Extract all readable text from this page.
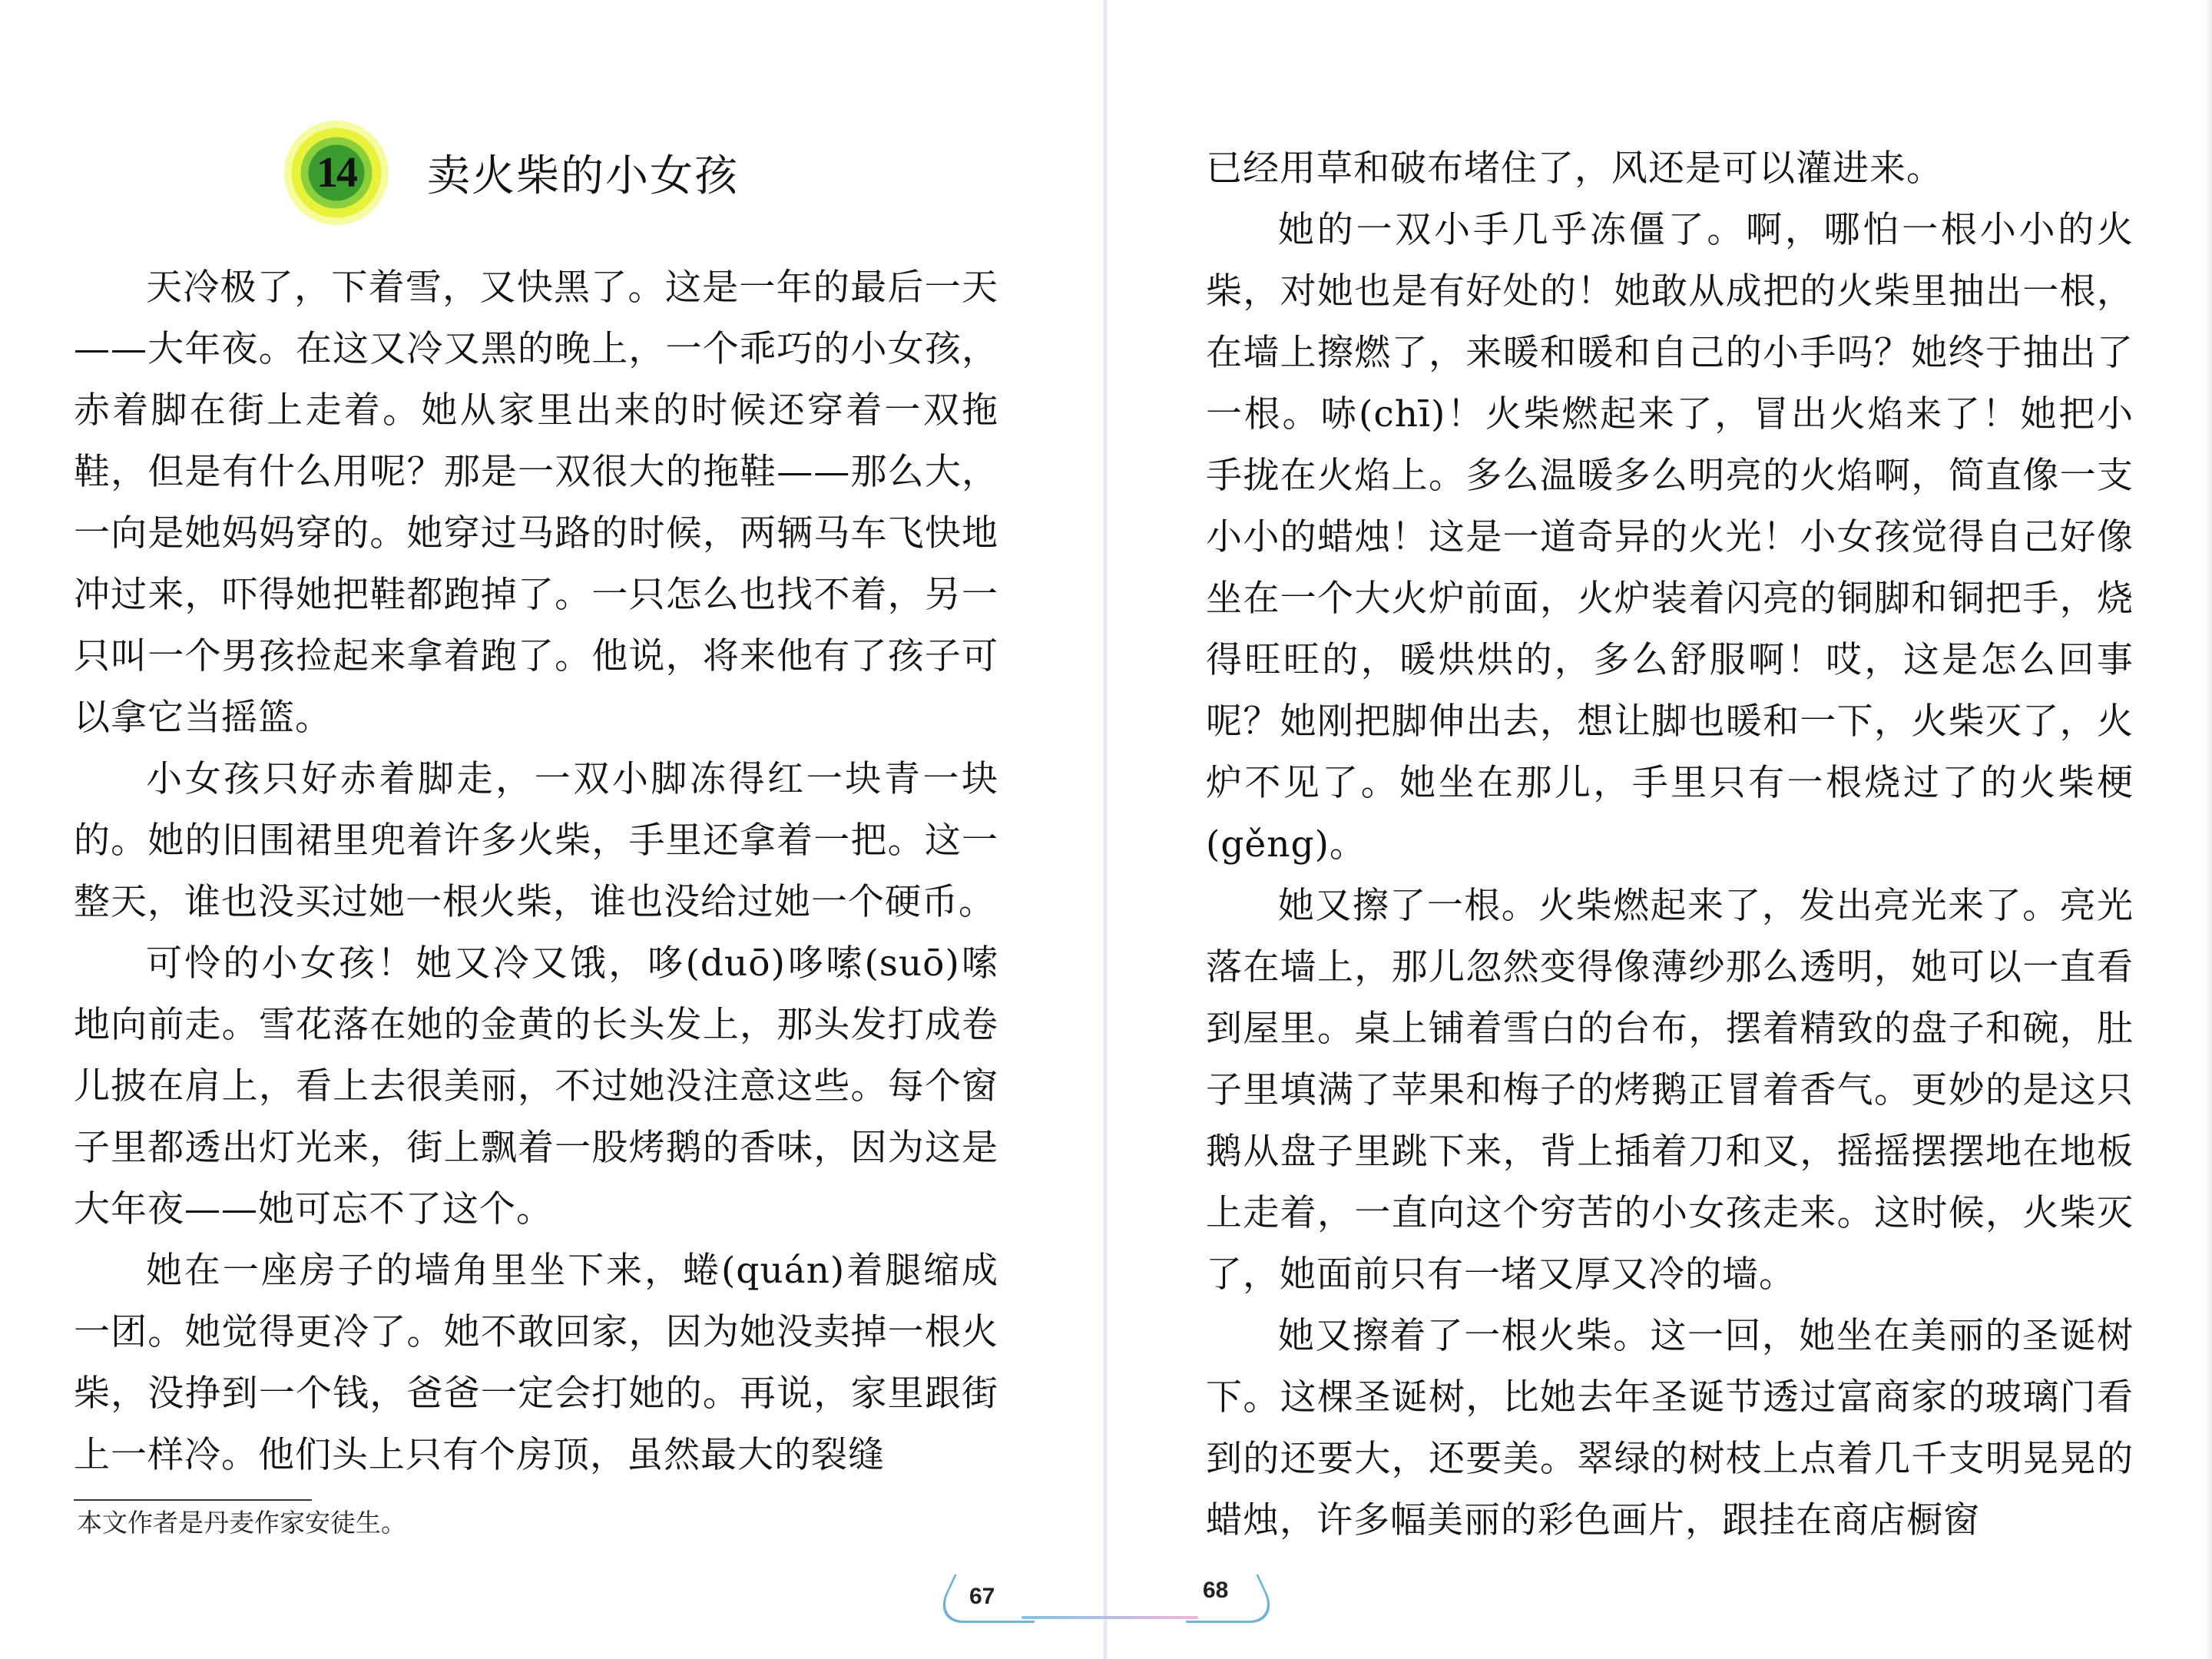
14 卖火柴的小女孩

天冷极了，下着雪，又快黑了。这是一年的最后一天——大年夜。在这又冷又黑的晚上，一个乖巧的小女孩，赤着脚在街上走着。她从家里出来的时候还穿着一双拖鞋，但是有什么用呢？那是一双很大的拖鞋——那么大，一向是她妈妈穿的。她穿过马路的时候，两辆马车飞快地冲过来，吓得她把鞋都跑掉了。一只怎么也找不着，另一只叫一个男孩捡起来拿着跑了。他说，将来他有了孩子可以拿它当摇篮。

小女孩只好赤着脚走，一双小脚冻得红一块青一块的。她的旧围裙里兜着许多火柴，手里还拿着一把。这一整天，谁也没买过她一根火柴，谁也没给过她一个硬币。

可怜的小女孩！她又冷又饿，哆(duō)哆嗦(suō)嗦地向前走。雪花落在她的金黄的长头发上，那头发打成卷儿披在肩上，看上去很美丽，不过她没注意这些。每个窗子里都透出灯光来，街上飘着一股烤鹅的香味，因为这是大年夜——她可忘不了这个。

她在一座房子的墙角里坐下来，蜷(quán)着腿缩成一团。她觉得更冷了。她不敢回家，因为她没卖掉一根火柴，没挣到一个钱，爸爸一定会打她的。再说，家里跟街上一样冷。他们头上只有个房顶，虽然最大的裂缝

本文作者是丹麦作家安徒生。
67

已经用草和破布堵住了，风还是可以灌进来。

她的一双小手几乎冻僵了。啊，哪怕一根小小的火柴，对她也是有好处的！她敢从成把的火柴里抽出一根，在墙上擦燃了，来暖和暖和自己的小手吗？她终于抽出了一根。哧(chī)！火柴燃起来了，冒出火焰来了！她把小手拢在火焰上。多么温暖多么明亮的火焰啊，简直像一支小小的蜡烛！这是一道奇异的火光！小女孩觉得自己好像坐在一个大火炉前面，火炉装着闪亮的铜脚和铜把手，烧得旺旺的，暖烘烘的，多么舒服啊！哎，这是怎么回事呢？她刚把脚伸出去，想让脚也暖和一下，火柴灭了，火炉不见了。她坐在那儿，手里只有一根烧过了的火柴梗(gěng)。

她又擦了一根。火柴燃起来了，发出亮光来了。亮光落在墙上，那儿忽然变得像薄纱那么透明，她可以一直看到屋里。桌上铺着雪白的台布，摆着精致的盘子和碗，肚子里填满了苹果和梅子的烤鹅正冒着香气。更妙的是这只鹅从盘子里跳下来，背上插着刀和叉，摇摇摆摆地在地板上走着，一直向这个穷苦的小女孩走来。这时候，火柴灭了，她面前只有一堵又厚又冷的墙。

她又擦着了一根火柴。这一回，她坐在美丽的圣诞树下。这棵圣诞树，比她去年圣诞节透过富商家的玻璃门看到的还要大，还要美。翠绿的树枝上点着几千支明晃晃的蜡烛，许多幅美丽的彩色画片，跟挂在商店橱窗

68
